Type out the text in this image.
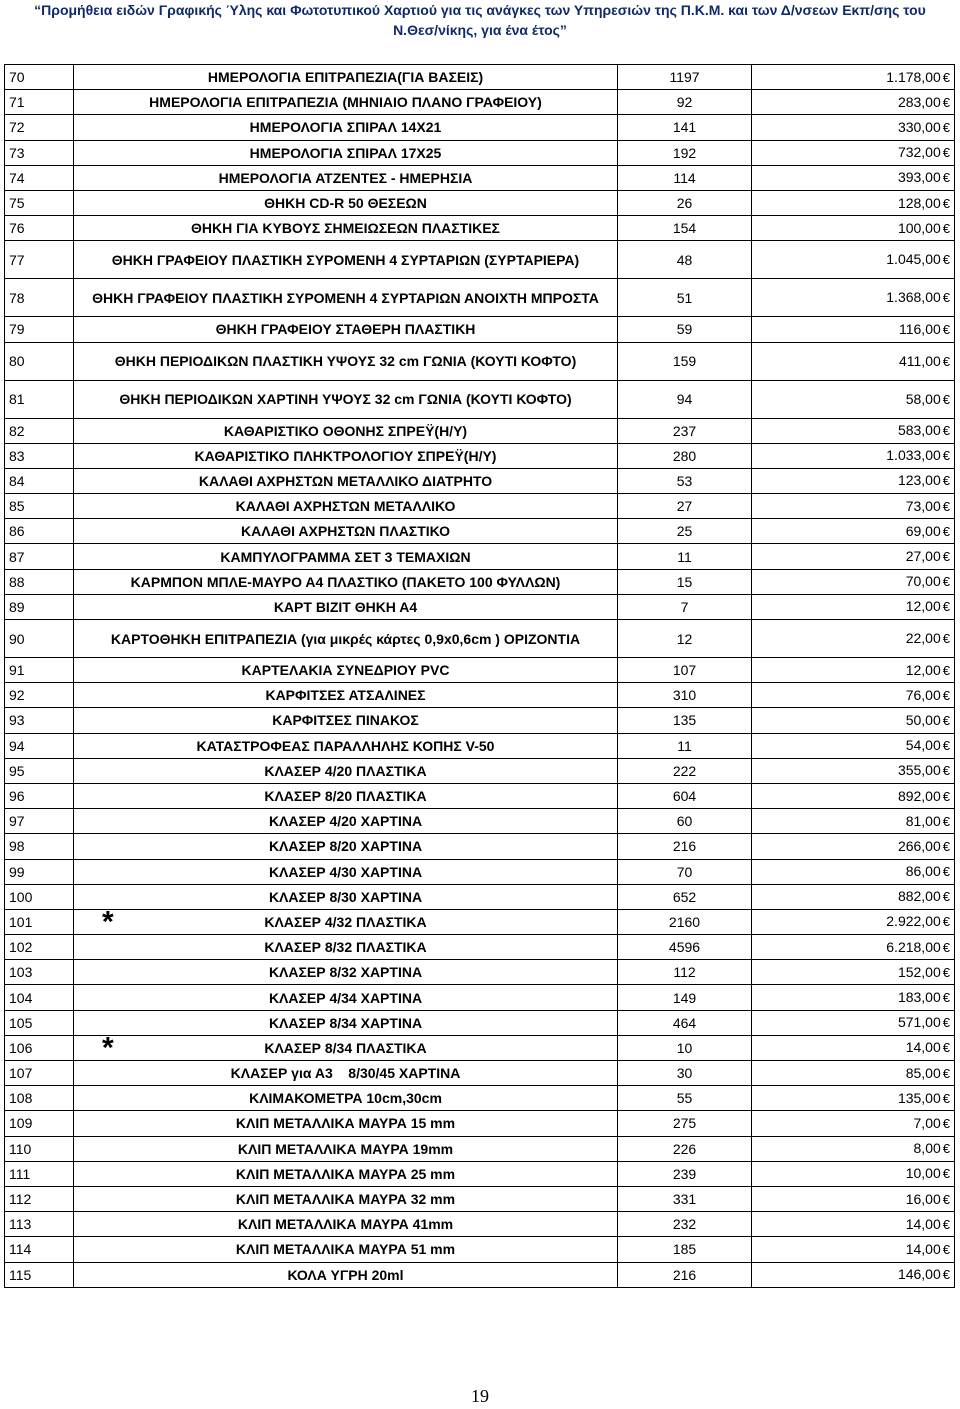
“Προμήθεια ειδών Γραφικής Ύλης και Φωτοτυπικού Χαρτιού για τις ανάγκες των Υπηρεσιών της Π.Κ.Μ. και των Δ/νσεων Εκπ/σης του
Ν.Θεσ/νίκης, για ένα έτος”
70	ΗΜΕΡΟΛΟΓΙΑ ΕΠΙΤΡΑΠΕΖΙΑ(ΓΙΑ ΒΑΣΕΙΣ)	1197	1.178,00 €
71	ΗΜΕΡΟΛΟΓΙΑ ΕΠΙΤΡΑΠΕΖΙΑ (ΜΗΝΙΑΙΟ ΠΛΑΝΟ ΓΡΑΦΕΙΟΥ)	92	283,00 €
72	ΗΜΕΡΟΛΟΓΙΑ ΣΠΙΡΑΛ 14Χ21	141	330,00 €
73	ΗΜΕΡΟΛΟΓΙΑ ΣΠΙΡΑΛ 17Χ25	192	732,00 €
74	ΗΜΕΡΟΛΟΓΙΑ ΑΤΖΕΝΤΕΣ - ΗΜΕΡΗΣΙΑ	114	393,00 €
75	ΘΗΚΗ CD-R 50 ΘΕΣΕΩΝ	26	128,00 €
76	ΘΗΚΗ ΓΙΑ ΚΥΒΟΥΣ ΣΗΜΕΙΩΣΕΩΝ ΠΛΑΣΤΙΚΕΣ	154	100,00 €
77	ΘΗΚΗ ΓΡΑΦΕΙΟΥ ΠΛΑΣΤΙΚΗ ΣΥΡΟΜΕΝΗ 4 ΣΥΡΤΑΡΙΩΝ (ΣΥΡΤΑΡΙΕΡΑ)	48	1.045,00 €
78	ΘΗΚΗ ΓΡΑΦΕΙΟΥ ΠΛΑΣΤΙΚΗ ΣΥΡΟΜΕΝΗ 4 ΣΥΡΤΑΡΙΩΝ ΑΝΟΙΧΤΗ ΜΠΡΟΣΤΑ	51	1.368,00 €
79	ΘΗΚΗ ΓΡΑΦΕΙΟΥ ΣΤΑΘΕΡΗ ΠΛΑΣΤΙΚΗ	59	116,00 €
80	ΘΗΚΗ ΠΕΡΙΟΔΙΚΩΝ ΠΛΑΣΤΙΚΗ ΥΨΟΥΣ 32 cm ΓΩΝΙΑ (ΚΟΥΤΙ ΚΟΦΤΟ)	159	411,00 €
81	ΘΗΚΗ ΠΕΡΙΟΔΙΚΩΝ ΧΑΡΤΙΝΗ ΥΨΟΥΣ 32 cm ΓΩΝΙΑ (ΚΟΥΤΙ ΚΟΦΤΟ)	94	58,00 €
82	ΚΑΘΑΡΙΣΤΙΚΟ ΟΘΟΝΗΣ ΣΠΡΕΫ(Η/Υ)	237	583,00 €
83	ΚΑΘΑΡΙΣΤΙΚΟ ΠΛΗΚΤΡΟΛΟΓΙΟΥ ΣΠΡΕΫ(Η/Υ)	280	1.033,00 €
84	ΚΑΛΑΘΙ ΑΧΡΗΣΤΩΝ ΜΕΤΑΛΛΙΚΟ ΔΙΑΤΡΗΤΟ	53	123,00 €
85	ΚΑΛΑΘΙ ΑΧΡΗΣΤΩΝ ΜΕΤΑΛΛΙΚΟ	27	73,00 €
86	ΚΑΛΑΘΙ ΑΧΡΗΣΤΩΝ ΠΛΑΣΤΙΚΟ	25	69,00 €
87	ΚΑΜΠΥΛΟΓΡΑΜΜΑ ΣΕΤ 3 ΤΕΜΑΧΙΩΝ	11	27,00 €
88	ΚΑΡΜΠΟΝ ΜΠΛΕ-ΜΑΥΡΟ Α4 ΠΛΑΣΤΙΚΟ (ΠΑΚΕΤΟ 100 ΦΥΛΛΩΝ)	15	70,00 €
89	ΚΑΡΤ ΒΙΖΙΤ ΘΗΚΗ Α4	7	12,00 €
90	ΚΑΡΤΟΘΗΚΗ ΕΠΙΤΡΑΠΕΖΙΑ (για μικρές κάρτες 0,9x0,6cm ) ΟΡΙΖΟΝΤΙΑ	12	22,00 €
91	ΚΑΡΤΕΛΑΚΙΑ ΣΥΝΕΔΡΙΟΥ PVC	107	12,00 €
92	ΚΑΡΦΙΤΣΕΣ ΑΤΣΑΛΙΝΕΣ	310	76,00 €
93	ΚΑΡΦΙΤΣΕΣ ΠΙΝΑΚΟΣ	135	50,00 €
94	ΚΑΤΑΣΤΡΟΦΕΑΣ ΠΑΡΑΛΛΗΛΗΣ ΚΟΠΗΣ V-50	11	54,00 €
95	ΚΛΑΣΕΡ 4/20 ΠΛΑΣΤΙΚΑ	222	355,00 €
96	ΚΛΑΣΕΡ 8/20 ΠΛΑΣΤΙΚΑ	604	892,00 €
97	ΚΛΑΣΕΡ 4/20 ΧΑΡΤΙΝΑ	60	81,00 €
98	ΚΛΑΣΕΡ 8/20 ΧΑΡΤΙΝΑ	216	266,00 €
99	ΚΛΑΣΕΡ 4/30 ΧΑΡΤΙΝΑ	70	86,00 €
100	ΚΛΑΣΕΡ 8/30 ΧΑΡΤΙΝΑ	652	882,00 €
101	* ΚΛΑΣΕΡ 4/32 ΠΛΑΣΤΙΚΑ	2160	2.922,00 €
102	ΚΛΑΣΕΡ 8/32 ΠΛΑΣΤΙΚΑ	4596	6.218,00 €
103	ΚΛΑΣΕΡ 8/32 ΧΑΡΤΙΝΑ	112	152,00 €
104	ΚΛΑΣΕΡ 4/34 ΧΑΡΤΙΝΑ	149	183,00 €
105	ΚΛΑΣΕΡ 8/34 ΧΑΡΤΙΝΑ	464	571,00 €
106	* ΚΛΑΣΕΡ 8/34 ΠΛΑΣΤΙΚΑ	10	14,00 €
107	ΚΛΑΣΕΡ για Α3    8/30/45 ΧΑΡΤΙΝΑ	30	85,00 €
108	ΚΛΙΜΑΚΟΜΕΤΡΑ 10cm,30cm	55	135,00 €
109	ΚΛΙΠ ΜΕΤΑΛΛΙΚΑ ΜΑΥΡΑ 15 mm	275	7,00 €
110	ΚΛΙΠ ΜΕΤΑΛΛΙΚΑ ΜΑΥΡΑ 19mm	226	8,00 €
111	ΚΛΙΠ ΜΕΤΑΛΛΙΚΑ ΜΑΥΡΑ 25 mm	239	10,00 €
112	ΚΛΙΠ ΜΕΤΑΛΛΙΚΑ ΜΑΥΡΑ 32 mm	331	16,00 €
113	ΚΛΙΠ ΜΕΤΑΛΛΙΚΑ ΜΑΥΡΑ 41mm	232	14,00 €
114	ΚΛΙΠ ΜΕΤΑΛΛΙΚΑ ΜΑΥΡΑ 51 mm	185	14,00 €
115	ΚΟΛΑ ΥΓΡΗ 20ml	216	146,00 €
19
